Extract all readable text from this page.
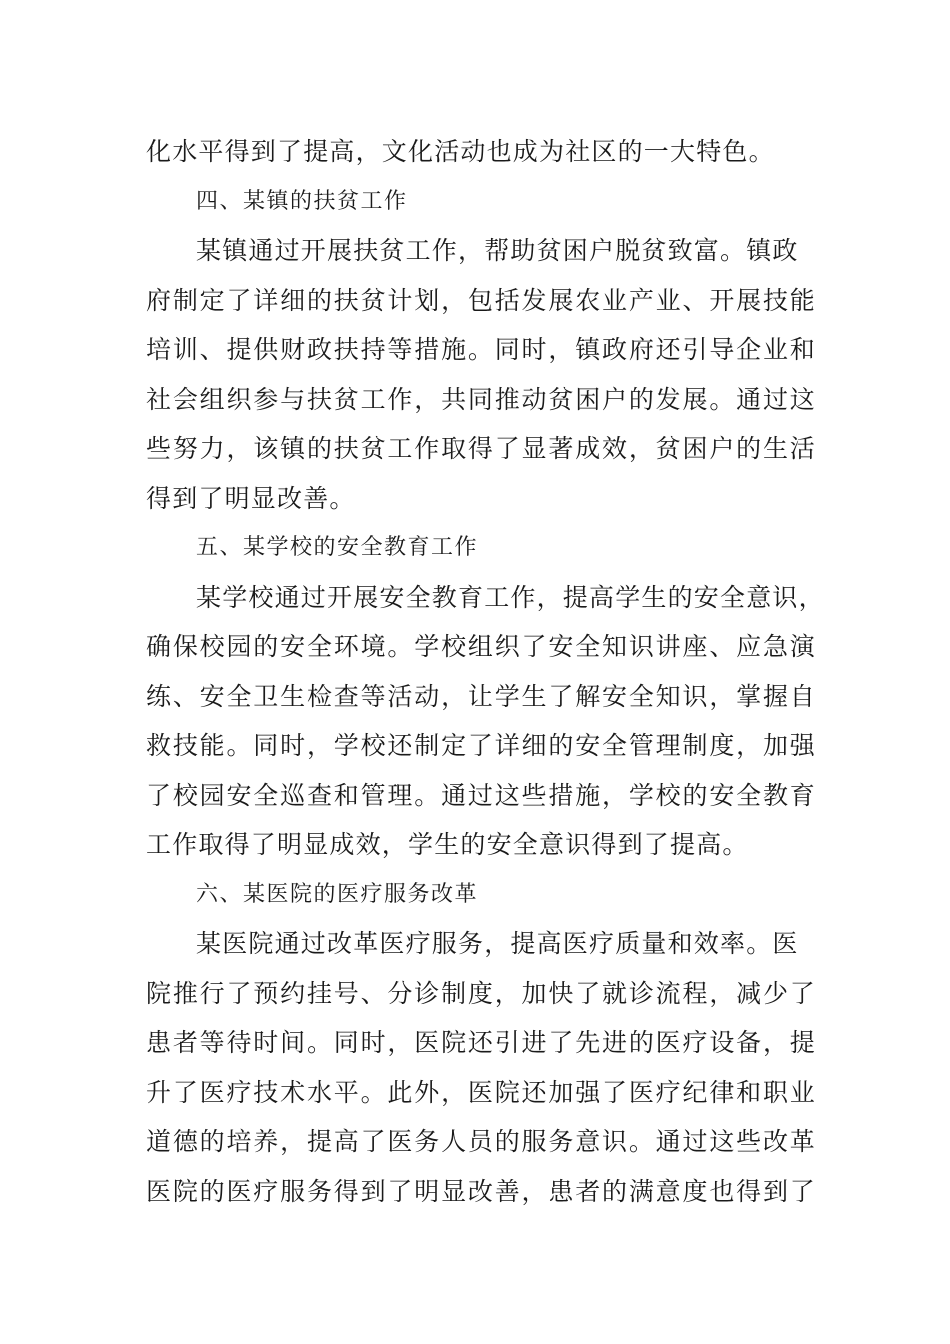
化水平得到了提高，文化活动也成为社区的一大特色。
四、某镇的扶贫工作
某镇通过开展扶贫工作，帮助贫困户脱贫致富。镇政
府制定了详细的扶贫计划，包括发展农业产业、开展技能
培训、提供财政扶持等措施。同时，镇政府还引导企业和
社会组织参与扶贫工作，共同推动贫困户的发展。通过这
些努力，该镇的扶贫工作取得了显著成效，贫困户的生活
得到了明显改善。
五、某学校的安全教育工作
某学校通过开展安全教育工作，提高学生的安全意识，
确保校园的安全环境。学校组织了安全知识讲座、应急演
练、安全卫生检查等活动，让学生了解安全知识，掌握自
救技能。同时，学校还制定了详细的安全管理制度，加强
了校园安全巡查和管理。通过这些措施，学校的安全教育
工作取得了明显成效，学生的安全意识得到了提高。
六、某医院的医疗服务改革
某医院通过改革医疗服务，提高医疗质量和效率。医
院推行了预约挂号、分诊制度，加快了就诊流程，减少了
患者等待时间。同时，医院还引进了先进的医疗设备，提
升了医疗技术水平。此外，医院还加强了医疗纪律和职业
道德的培养，提高了医务人员的服务意识。通过这些改革
医院的医疗服务得到了明显改善，患者的满意度也得到了
